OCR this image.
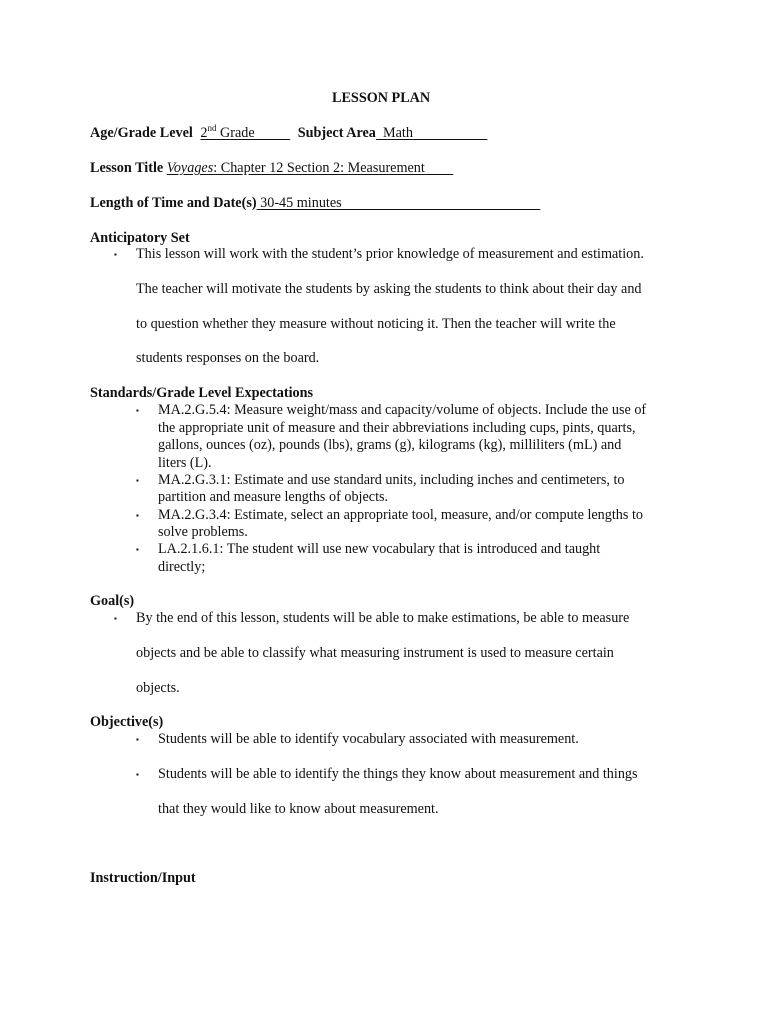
LESSON PLAN
Age/Grade Level 2nd Grade           Subject Area  Math
Lesson Title Voyages: Chapter 12 Section 2: Measurement
Length of Time and Date(s) 30-45 minutes
Anticipatory Set
▪ This lesson will work with the student’s prior knowledge of measurement and estimation.
The teacher will motivate the students by asking the students to think about their day and
to question whether they measure without noticing it. Then the teacher will write the
students responses on the board.
Standards/Grade Level Expectations
▪ MA.2.G.5.4: Measure weight/mass and capacity/volume of objects. Include the use of
the appropriate unit of measure and their abbreviations including cups, pints, quarts,
gallons, ounces (oz), pounds (lbs), grams (g), kilograms (kg), milliliters (mL) and
liters (L).
▪ MA.2.G.3.1: Estimate and use standard units, including inches and centimeters, to
partition and measure lengths of objects.
▪ MA.2.G.3.4: Estimate, select an appropriate tool, measure, and/or compute lengths to
solve problems.
▪ LA.2.1.6.1: The student will use new vocabulary that is introduced and taught
directly;
Goal(s)
▪ By the end of this lesson, students will be able to make estimations, be able to measure
objects and be able to classify what measuring instrument is used to measure certain
objects.
Objective(s)
▪ Students will be able to identify vocabulary associated with measurement.
▪ Students will be able to identify the things they know about measurement and things
that they would like to know about measurement.
Instruction/Input
